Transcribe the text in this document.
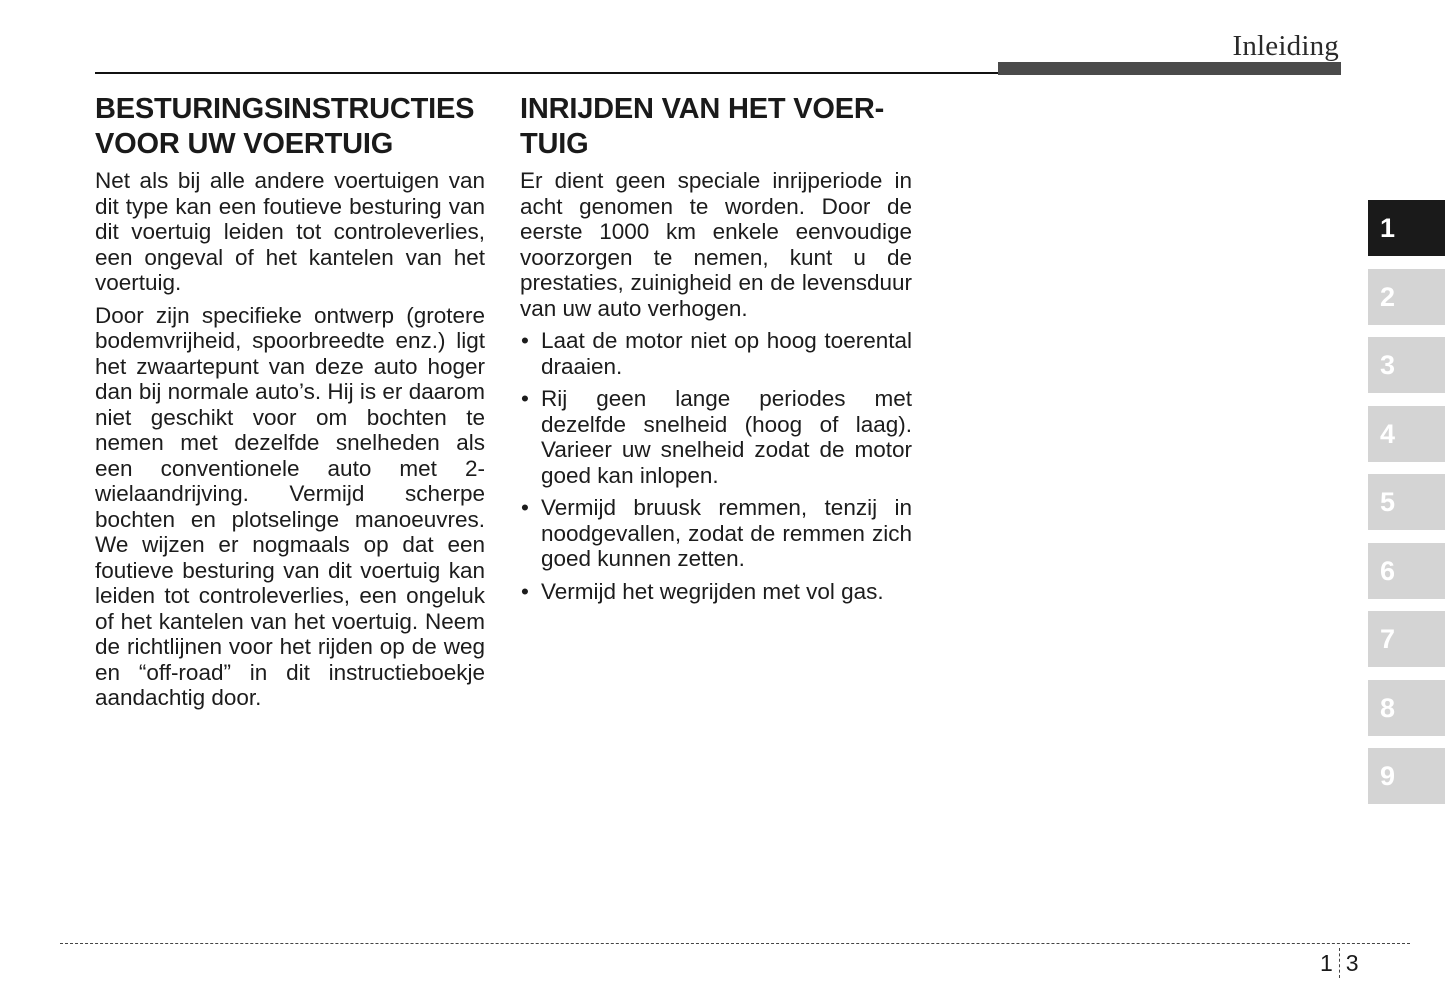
Inleiding
BESTURINGSINSTRUCTIES
VOOR UW VOERTUIG

Net als bij alle andere voertuigen van dit type kan een foutieve besturing van dit voertuig leiden tot controleverlies, een ongeval of het kantelen van het voertuig.

Door zijn specifieke ontwerp (grotere bodemvrijheid, spoorbreedte enz.) ligt het zwaartepunt van deze auto hoger dan bij normale auto’s. Hij is er daarom niet geschikt voor om bochten te nemen met dezelfde snelheden als een conventionele auto met 2-wielaandrijving. Vermijd scherpe bochten en plotselinge manoeuvres. We wijzen er nogmaals op dat een foutieve besturing van dit voertuig kan leiden tot controleverlies, een ongeluk of het kantelen van het voertuig. Neem de richtlijnen voor het rijden op de weg en “off-road” in dit instructieboekje aandachtig door.

INRIJDEN VAN HET VOER-
TUIG

Er dient geen speciale inrijperiode in acht genomen te worden. Door de eerste 1000 km enkele eenvoudige voorzorgen te nemen, kunt u de prestaties, zuinigheid en de levensduur van uw auto verhogen.

• Laat de motor niet op hoog toerental draaien.
• Rij geen lange periodes met dezelfde snelheid (hoog of laag). Varieer uw snelheid zodat de motor goed kan inlopen.
• Vermijd bruusk remmen, tenzij in noodgevallen, zodat de remmen zich goed kunnen zetten.
• Vermijd het wegrijden met vol gas.
1
2
3
4
5
6
7
8
9
1 3
